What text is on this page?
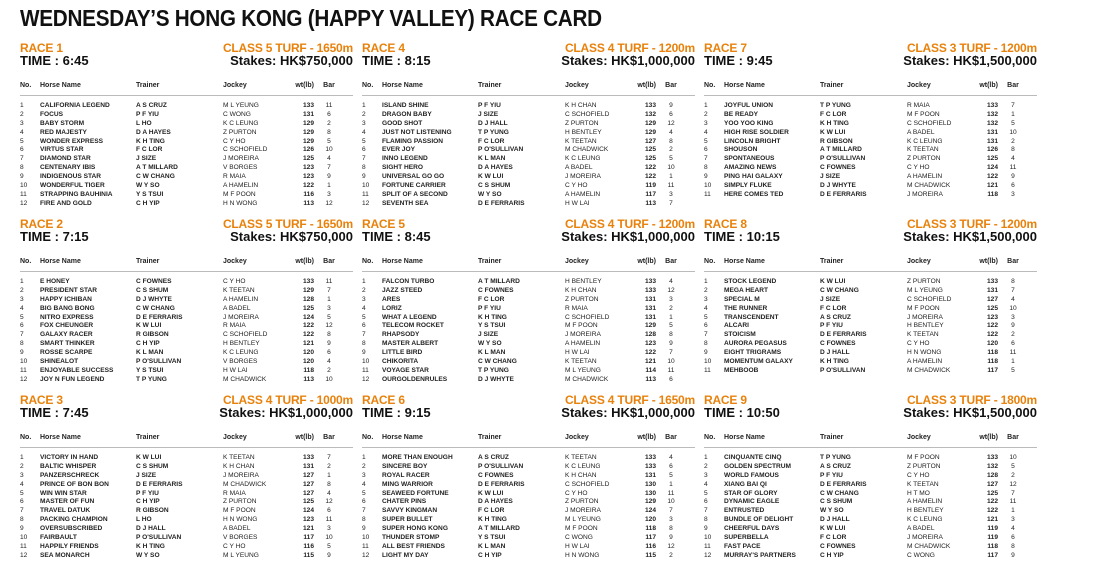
WEDNESDAY’S HONG KONG (HAPPY VALLEY) RACE CARD
RACE 1	CLASS 5 TURF - 1650m
TIME : 6:45	Stakes: HK$750,000
No. Horse Name	Trainer	Jockey	wt(lb) Bar
1 CALIFORNIA LEGEND	A S CRUZ	M L YEUNG	133	11
2 FOCUS	P F YIU	C WONG	131	6
3 BABY STORM	L HO	K C LEUNG	129	2
4 RED MAJESTY	D A HAYES	Z PURTON	129	8
5 WONDER EXPRESS	K H TING	C Y HO	129	5
6 VIRTUS STAR	F C LOR	C SCHOFIELD	126	10
7 DIAMOND STAR	J SIZE	J MOREIRA	125	4
8 CENTENARY IBIS	A T MILLARD	V BORGES	123	7
9 INDIGENOUS STAR	C W CHANG	R MAIA	123	9
10 WONDERFUL TIGER	W Y SO	A HAMELIN	122	1
11 STRAPPING BAUHINIA	Y S TSUI	M F POON	116	3
12 FIRE AND GOLD	C H YIP	H N WONG	113	12
RACE 4	CLASS 4 TURF - 1200m
TIME : 8:15	Stakes: HK$1,000,000
No. Horse Name	Trainer	Jockey	wt(lb) Bar
1 ISLAND SHINE	P F YIU	K H CHAN	133	9
2 DRAGON BABY	J SIZE	C SCHOFIELD	132	6
3 GOOD SHOT	D J HALL	Z PURTON	129	12
4 JUST NOT LISTENING	T P YUNG	H BENTLEY	129	4
5 FLAMING PASSION	F C LOR	K TEETAN	127	8
6 EVER JOY	P O'SULLIVAN	M CHADWICK	125	2
7 INNO LEGEND	K L MAN	K C LEUNG	125	5
8 SIGHT HERO	D A HAYES	A BADEL	122	10
9 UNIVERSAL GO GO	K W LUI	J MOREIRA	122	1
10 FORTUNE CARRIER	C S SHUM	C Y HO	119	11
11 SPLIT OF A SECOND	W Y SO	A HAMELIN	117	3
12 SEVENTH SEA	D E FERRARIS	H W LAI	113	7
RACE 7	CLASS 3 TURF - 1200m
TIME : 9:45	Stakes: HK$1,500,000
No. Horse Name	Trainer	Jockey	wt(lb) Bar
1 JOYFUL UNION	T P YUNG	R MAIA	133	7
2 BE READY	F C LOR	M F POON	132	1
3 YOO YOO KING	K H TING	C SCHOFIELD	132	5
4 HIGH RISE SOLDIER	K W LUI	A BADEL	131	10
5 LINCOLN BRIGHT	R GIBSON	K C LEUNG	131	2
6 SHOUSON	A T MILLARD	K TEETAN	126	8
7 SPONTANEOUS	P O'SULLIVAN	Z PURTON	125	4
8 AMAZING NEWS	C FOWNES	C Y HO	124	11
9 PING HAI GALAXY	J SIZE	A HAMELIN	122	9
10 SIMPLY FLUKE	D J WHYTE	M CHADWICK	121	6
11 HERE COMES TED	D E FERRARIS	J MOREIRA	118	3
RACE 2	CLASS 5 TURF - 1650m
TIME : 7:15	Stakes: HK$750,000
No. Horse Name	Trainer	Jockey	wt(lb) Bar
1 E HONEY	C FOWNES	C Y HO	133	11
2 PRESIDENT STAR	C S SHUM	K TEETAN	129	7
3 HAPPY ICHIBAN	D J WHYTE	A HAMELIN	128	1
4 BIG BANG BONG	C W CHANG	A BADEL	125	3
5 NITRO EXPRESS	D E FERRARIS	J MOREIRA	124	5
6 FOX CHEUNGER	K W LUI	R MAIA	122	12
7 GALAXY RACER	R GIBSON	C SCHOFIELD	122	8
8 SMART THINKER	C H YIP	H BENTLEY	121	9
9 ROSSE SCARPE	K L MAN	K C LEUNG	120	6
10 SHINEALOT	P O'SULLIVAN	V BORGES	120	4
11 ENJOYABLE SUCCESS	Y S TSUI	H W LAI	118	2
12 JOY N FUN LEGEND	T P YUNG	M CHADWICK	113	10
RACE 5	CLASS 4 TURF - 1200m
TIME : 8:45	Stakes: HK$1,000,000
No. Horse Name	Trainer	Jockey	wt(lb) Bar
1 FALCON TURBO	A T MILLARD	H BENTLEY	133	4
2 JAZZ STEED	C FOWNES	K H CHAN	133	12
3 ARES	F C LOR	Z PURTON	131	3
4 LORIZ	P F YIU	R MAIA	131	2
5 WHAT A LEGEND	K H TING	C SCHOFIELD	131	1
6 TELECOM ROCKET	Y S TSUI	M F POON	129	5
7 RHAPSODY	J SIZE	J MOREIRA	128	8
8 MASTER ALBERT	W Y SO	A HAMELIN	123	9
9 LITTLE BIRD	K L MAN	H W LAI	122	7
10 CHIKORITA	C W CHANG	K TEETAN	121	10
11 VOYAGE STAR	T P YUNG	M L YEUNG	114	11
12 OURGOLDENRULES	D J WHYTE	M CHADWICK	113	6
RACE 8	CLASS 3 TURF - 1200m
TIME : 10:15	Stakes: HK$1,500,000
No. Horse Name	Trainer	Jockey	wt(lb) Bar
1 STOCK LEGEND	K W LUI	Z PURTON	133	8
2 MEGA HEART	C W CHANG	M L YEUNG	131	7
3 SPECIAL M	J SIZE	C SCHOFIELD	127	4
4 THE RUNNER	F C LOR	M F POON	125	10
5 TRANSCENDENT	A S CRUZ	J MOREIRA	123	3
6 ALCARI	P F YIU	H BENTLEY	122	9
7 STOICISM	D E FERRARIS	K TEETAN	122	2
8 AURORA PEGASUS	C FOWNES	C Y HO	120	6
9 EIGHT TRIGRAMS	D J HALL	H N WONG	118	11
10 MOMENTUM GALAXY	K H TING	A HAMELIN	118	1
11 MEHBOOB	P O'SULLIVAN	M CHADWICK	117	5
RACE 3	CLASS 4 TURF - 1000m
TIME : 7:45	Stakes: HK$1,000,000
No. Horse Name	Trainer	Jockey	wt(lb) Bar
1 VICTORY IN HAND	K W LUI	K TEETAN	133	7
2 BALTIC WHISPER	C S SHUM	K H CHAN	131	2
3 PANZERSCHRECK	J SIZE	J MOREIRA	127	1
4 PRINCE OF BON BON	D E FERRARIS	M CHADWICK	127	8
5 WIN WIN STAR	P F YIU	R MAIA	127	4
6 MASTER OF FUN	C H YIP	Z PURTON	125	12
7 TRAVEL DATUK	R GIBSON	M F POON	124	6
8 PACKING CHAMPION	L HO	H N WONG	123	11
9 OVERSUBSCRIBED	D J HALL	A BADEL	121	3
10 FAIRBAULT	P O'SULLIVAN	V BORGES	117	10
11 HAPPILY FRIENDS	K H TING	C Y HO	116	5
12 SEA MONARCH	W Y SO	M L YEUNG	115	9
RACE 6	CLASS 4 TURF - 1650m
TIME : 9:15	Stakes: HK$1,000,000
No. Horse Name	Trainer	Jockey	wt(lb) Bar
1 MORE THAN ENOUGH	A S CRUZ	K TEETAN	133	4
2 SINCERE BOY	P O'SULLIVAN	K C LEUNG	133	6
3 ROYAL RACER	C FOWNES	K H CHAN	131	5
4 MING WARRIOR	D E FERRARIS	C SCHOFIELD	130	1
5 SEAWEED FORTUNE	K W LUI	C Y HO	130	11
6 CHATER PINS	D A HAYES	Z PURTON	129	10
7 SAVVY KINGMAN	F C LOR	J MOREIRA	124	7
8 SUPER BULLET	K H TING	M L YEUNG	120	3
9 SUPER HONG KONG	A T MILLARD	M F POON	118	8
10 THUNDER STOMP	Y S TSUI	C WONG	117	9
11 ALL BEST FRIENDS	K L MAN	H W LAI	116	12
12 LIGHT MY DAY	C H YIP	H N WONG	115	2
RACE 9	CLASS 3 TURF - 1800m
TIME : 10:50	Stakes: HK$1,500,000
No. Horse Name	Trainer	Jockey	wt(lb) Bar
1 CINQUANTE CINQ	T P YUNG	M F POON	133	10
2 GOLDEN SPECTRUM	A S CRUZ	Z PURTON	132	5
3 WORLD FAMOUS	P F YIU	C Y HO	128	2
4 XIANG BAI QI	D E FERRARIS	K TEETAN	127	12
5 STAR OF GLORY	C W CHANG	H T MO	125	7
6 DYNAMIC EAGLE	C S SHUM	A HAMELIN	122	11
7 ENTRUSTED	W Y SO	H BENTLEY	122	1
8 BUNDLE OF DELIGHT	D J HALL	K C LEUNG	121	3
9 CHEERFUL DAYS	K W LUI	A BADEL	119	4
10 SUPERBELLA	F C LOR	J MOREIRA	119	6
11 FAST PACE	C FOWNES	M CHADWICK	118	8
12 MURRAY'S PARTNERS	C H YIP	C WONG	117	9
